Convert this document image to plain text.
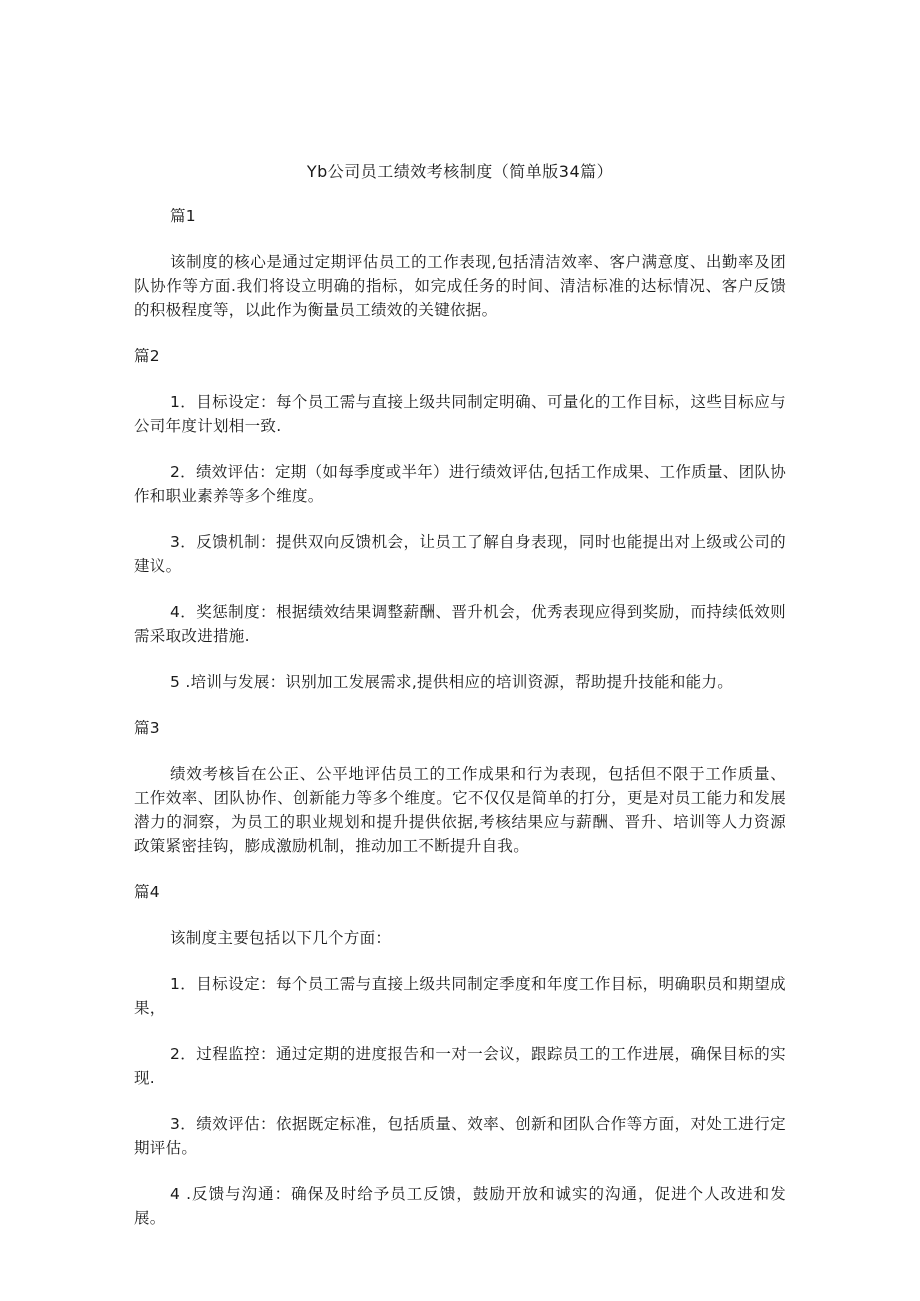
Yb公司员工绩效考核制度（简单版34篇）

篇1

该制度的核心是通过定期评估员工的工作表现,包括清洁效率、客户满意度、出勤率及团队协作等方面.我们将设立明确的指标，如完成任务的时间、清洁标准的达标情况、客户反馈的积极程度等，以此作为衡量员工绩效的关键依据。

篇2

1．目标设定：每个员工需与直接上级共同制定明确、可量化的工作目标，这些目标应与公司年度计划相一致.

2．绩效评估：定期（如每季度或半年）进行绩效评估,包括工作成果、工作质量、团队协作和职业素养等多个维度。

3．反馈机制：提供双向反馈机会，让员工了解自身表现，同时也能提出对上级或公司的建议。

4．奖惩制度：根据绩效结果调整薪酬、晋升机会，优秀表现应得到奖励，而持续低效则需采取改进措施.

5 .培训与发展：识别加工发展需求,提供相应的培训资源，帮助提升技能和能力。

篇3

绩效考核旨在公正、公平地评估员工的工作成果和行为表现，包括但不限于工作质量、工作效率、团队协作、创新能力等多个维度。它不仅仅是简单的打分，更是对员工能力和发展潜力的洞察，为员工的职业规划和提升提供依据,考核结果应与薪酬、晋升、培训等人力资源政策紧密挂钩，膨成激励机制，推动加工不断提升自我。

篇4

该制度主要包括以下几个方面：

1．目标设定：每个员工需与直接上级共同制定季度和年度工作目标，明确职员和期望成果，

2．过程监控：通过定期的进度报告和一对一会议，跟踪员工的工作进展，确保目标的实现.

3．绩效评估：依据既定标准，包括质量、效率、创新和团队合作等方面，对处工进行定期评估。

4 .反馈与沟通：确保及时给予员工反馈，鼓励开放和诚实的沟通，促进个人改进和发展。
